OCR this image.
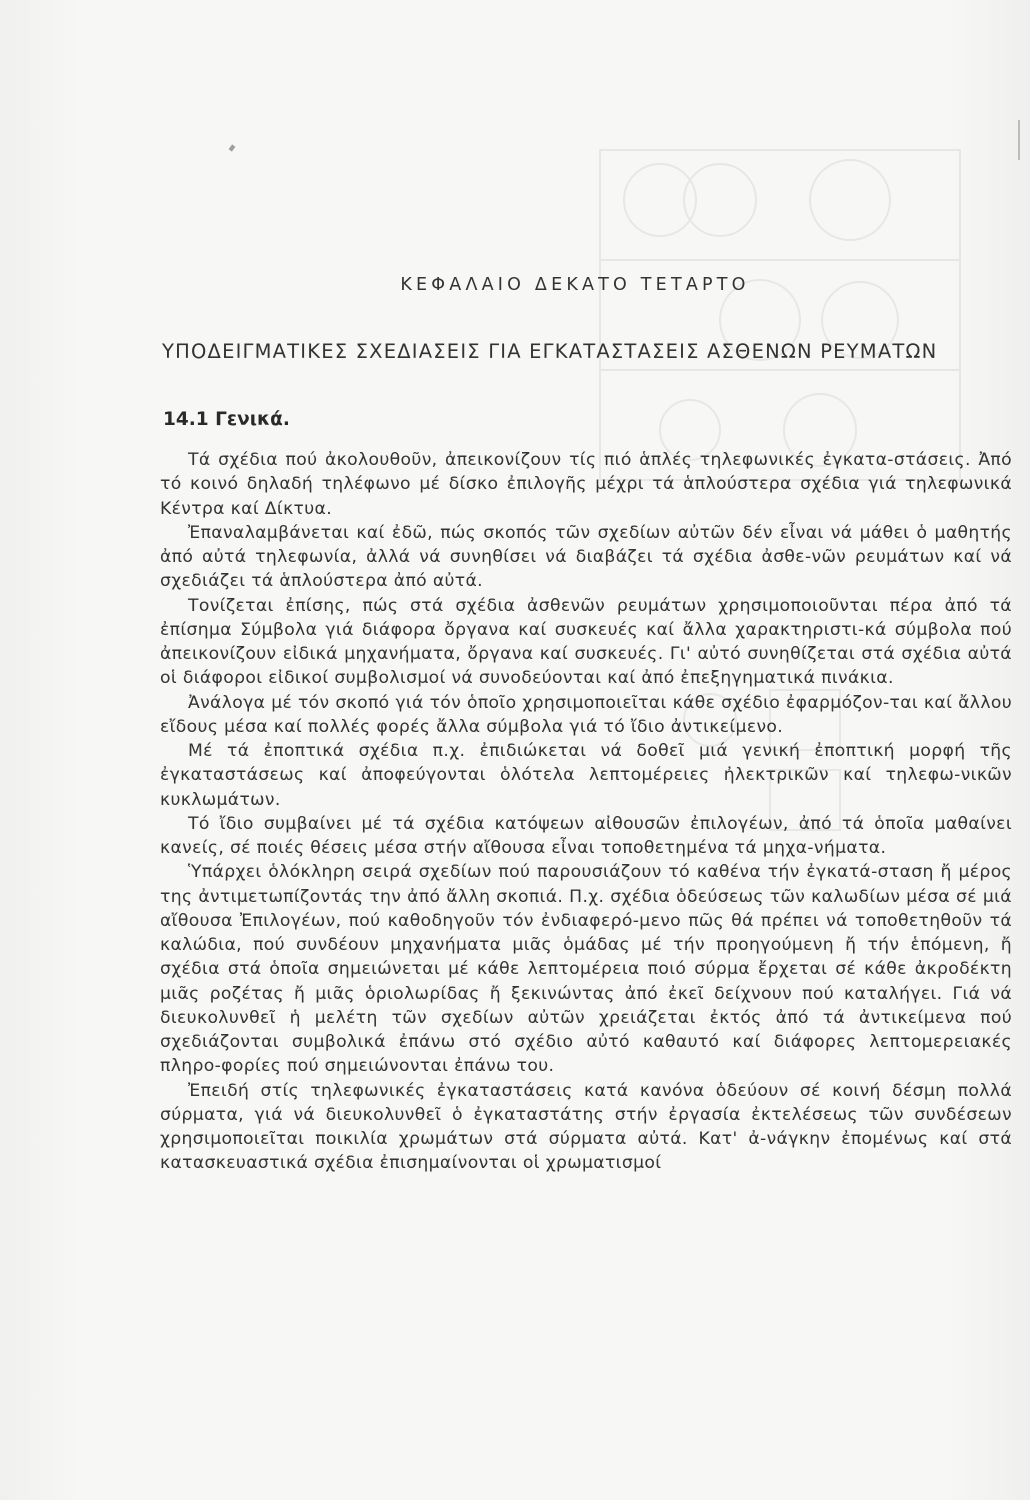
ΚΕΦΑΛΑΙΟ ΔΕΚΑΤΟ ΤΕΤΑΡΤΟ
ΥΠΟΔΕΙΓΜΑΤΙΚΕΣ ΣΧΕΔΙΑΣΕΙΣ ΓΙΑ ΕΓΚΑΤΑΣΤΑΣΕΙΣ ΑΣΘΕΝΩΝ ΡΕΥΜΑΤΩΝ
14.1 Γενικά.

Τά σχέδια πού ἀκολουθοῦν, ἀπεικονίζουν τίς πιό ἁπλές τηλεφωνικές ἐγκατα-στάσεις. Ἀπό τό κοινό δηλαδή τηλέφωνο μέ δίσκο ἐπιλογῆς μέχρι τά ἁπλούστερα σχέδια γιά τηλεφωνικά Κέντρα καί Δίκτυα.

Ἐπαναλαμβάνεται καί ἐδῶ, πώς σκοπός τῶν σχεδίων αὐτῶν δέν εἶναι νά μάθει ὁ μαθητής ἀπό αὐτά τηλεφωνία, ἀλλά νά συνηθίσει νά διαβάζει τά σχέδια ἀσθε-νῶν ρευμάτων καί νά σχεδιάζει τά ἁπλούστερα ἀπό αὐτά.

Τονίζεται ἐπίσης, πώς στά σχέδια ἀσθενῶν ρευμάτων χρησιμοποιοῦνται πέρα ἀπό τά ἐπίσημα Σύμβολα γιά διάφορα ὄργανα καί συσκευές καί ἄλλα χαρακτηριστι-κά σύμβολα πού ἀπεικονίζουν εἰδικά μηχανήματα, ὄργανα καί συσκευές. Γι' αὐτό συνηθίζεται στά σχέδια αὐτά οἱ διάφοροι εἰδικοί συμβολισμοί νά συνοδεύονται καί ἀπό ἐπεξηγηματικά πινάκια.

Ἀνάλογα μέ τόν σκοπό γιά τόν ὁποῖο χρησιμοποιεῖται κάθε σχέδιο ἐφαρμόζον-ται καί ἄλλου εἴδους μέσα καί πολλές φορές ἄλλα σύμβολα γιά τό ἴδιο ἀντικείμενο.

Μέ τά ἐποπτικά σχέδια π.χ. ἐπιδιώκεται νά δοθεῖ μιά γενική ἐποπτική μορφή τῆς ἐγκαταστάσεως καί ἀποφεύγονται ὁλότελα λεπτομέρειες ἠλεκτρικῶν καί τηλεφω-νικῶν κυκλωμάτων.

Τό ἴδιο συμβαίνει μέ τά σχέδια κατόψεων αἰθουσῶν ἐπιλογέων, ἀπό τά ὁποῖα μαθαίνει κανείς, σέ ποιές θέσεις μέσα στήν αἴθουσα εἶναι τοποθετημένα τά μηχα-νήματα.

Ὑπάρχει ὁλόκληρη σειρά σχεδίων πού παρουσιάζουν τό καθένα τήν ἐγκατά-σταση ἤ μέρος της ἀντιμετωπίζοντάς την ἀπό ἄλλη σκοπιά. Π.χ. σχέδια ὁδεύσεως τῶν καλωδίων μέσα σέ μιά αἴθουσα Ἐπιλογέων, πού καθοδηγοῦν τόν ἐνδιαφερό-μενο πῶς θά πρέπει νά τοποθετηθοῦν τά καλώδια, πού συνδέουν μηχανήματα μιᾶς ὁμάδας μέ τήν προηγούμενη ἤ τήν ἑπόμενη, ἤ σχέδια στά ὁποῖα σημειώνεται μέ κάθε λεπτομέρεια ποιό σύρμα ἔρχεται σέ κάθε ἀκροδέκτη μιᾶς ροζέτας ἤ μιᾶς ὁριολωρίδας ἤ ξεκινώντας ἀπό ἐκεῖ δείχνουν πού καταλήγει. Γιά νά διευκολυνθεῖ ἡ μελέτη τῶν σχεδίων αὐτῶν χρειάζεται ἐκτός ἀπό τά ἀντικείμενα πού σχεδιάζονται συμβολικά ἐπάνω στό σχέδιο αὐτό καθαυτό καί διάφορες λεπτομερειακές πληρο-φορίες πού σημειώνονται ἐπάνω του.

Ἐπειδή στίς τηλεφωνικές ἐγκαταστάσεις κατά κανόνα ὁδεύουν σέ κοινή δέσμη πολλά σύρματα, γιά νά διευκολυνθεῖ ὁ ἐγκαταστάτης στήν ἐργασία ἐκτελέσεως τῶν συνδέσεων χρησιμοποιεῖται ποικιλία χρωμάτων στά σύρματα αὐτά. Κατ' ἀ-νάγκην ἐπομένως καί στά κατασκευαστικά σχέδια ἐπισημαίνονται οἱ χρωματισμοί
